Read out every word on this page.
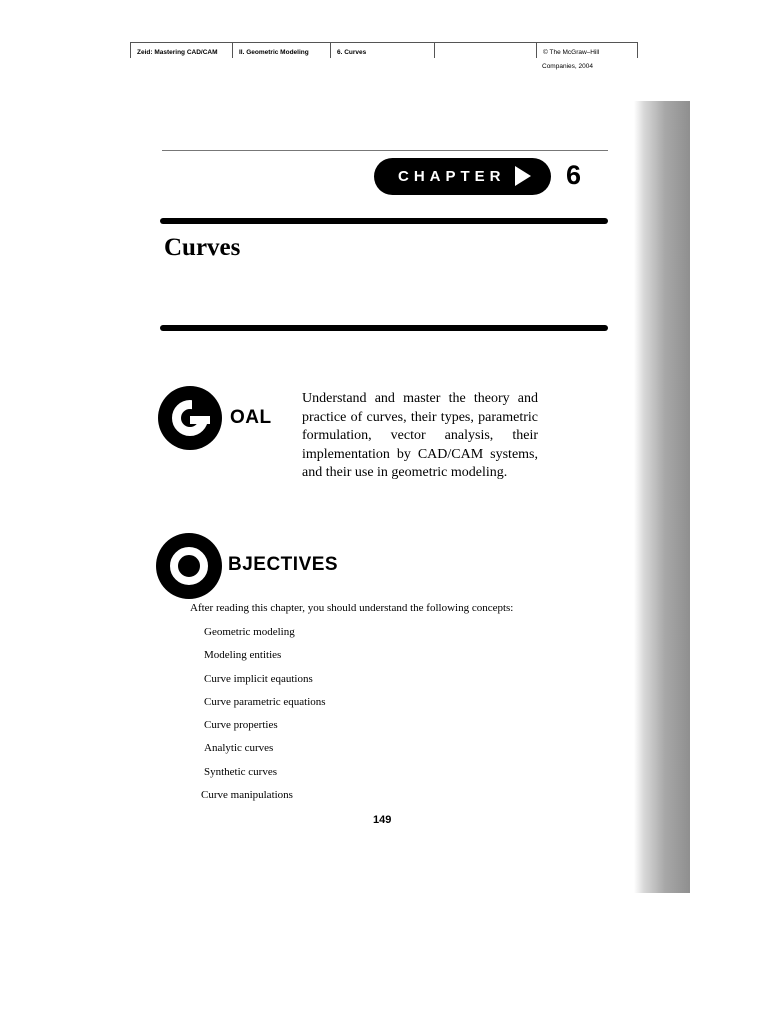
Zeid: Mastering CAD/CAM	II. Geometric Modeling	6. Curves	© The McGraw–Hill
Companies, 2004
CHAPTER 6
Curves
OAL
Understand and master the theory and practice of curves, their types, parametric formulation, vector analysis, their implementation by CAD/CAM systems, and their use in geometric modeling.
BJECTIVES
After reading this chapter, you should understand the following concepts:
Geometric modeling
Modeling entities
Curve implicit eqautions
Curve parametric equations
Curve properties
Analytic curves
Synthetic curves
Curve manipulations
149
